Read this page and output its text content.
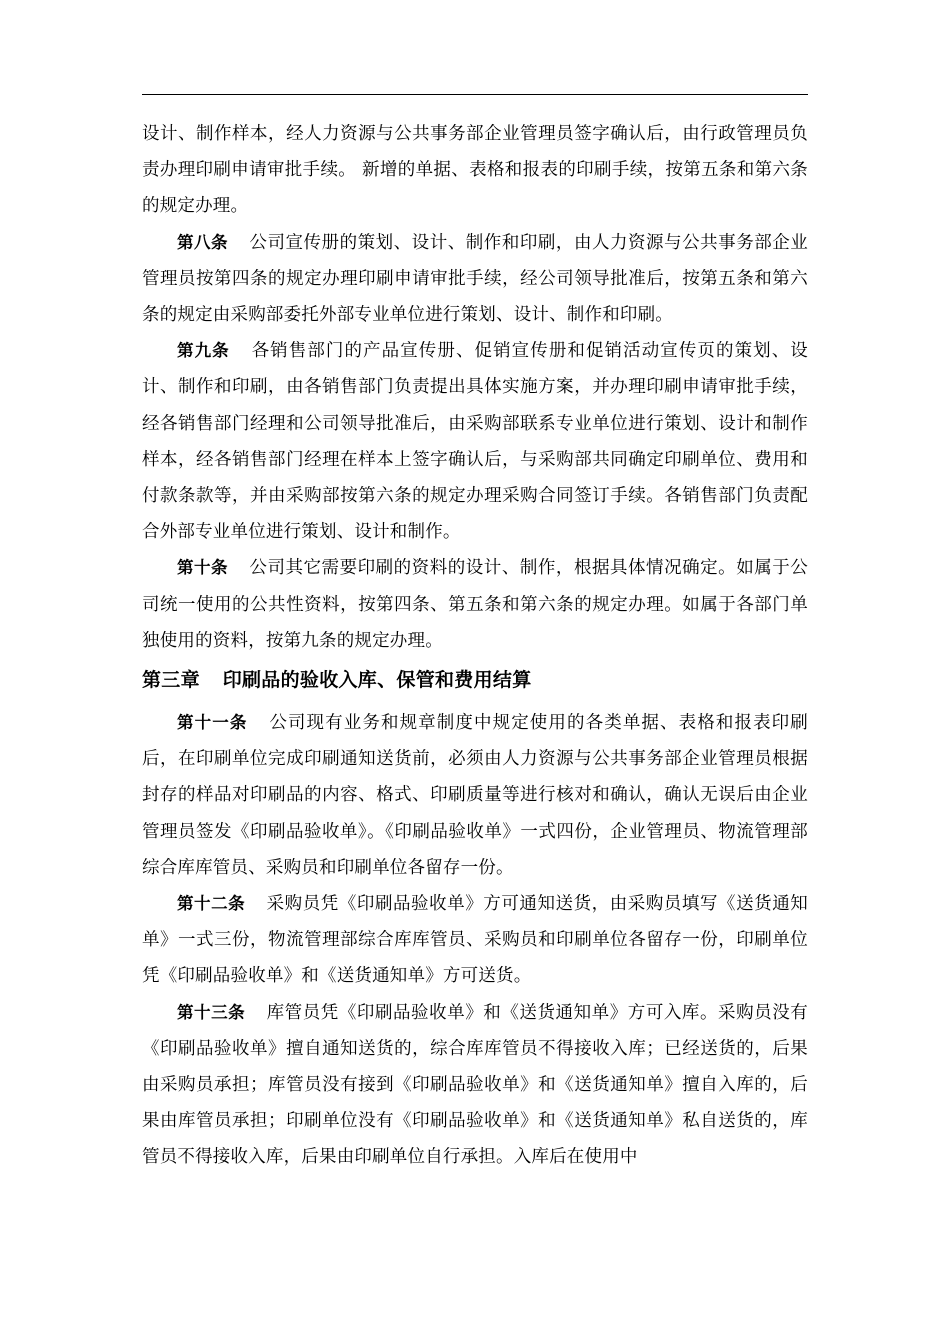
设计、制作样本，经人力资源与公共事务部企业管理员签字确认后，由行政管理员负责办理印刷申请审批手续。 新增的单据、表格和报表的印刷手续，按第五条和第六条的规定办理。

第八条 公司宣传册的策划、设计、制作和印刷，由人力资源与公共事务部企业管理员按第四条的规定办理印刷申请审批手续，经公司领导批准后，按第五条和第六条的规定由采购部委托外部专业单位进行策划、设计、制作和印刷。

第九条 各销售部门的产品宣传册、促销宣传册和促销活动宣传页的策划、设计、制作和印刷，由各销售部门负责提出具体实施方案，并办理印刷申请审批手续，经各销售部门经理和公司领导批准后，由采购部联系专业单位进行策划、设计和制作样本，经各销售部门经理在样本上签字确认后，与采购部共同确定印刷单位、费用和付款条款等，并由采购部按第六条的规定办理采购合同签订手续。各销售部门负责配合外部专业单位进行策划、设计和制作。

第十条 公司其它需要印刷的资料的设计、制作，根据具体情况确定。如属于公司统一使用的公共性资料，按第四条、第五条和第六条的规定办理。如属于各部门单独使用的资料，按第九条的规定办理。

第三章 印刷品的验收入库、保管和费用结算

第十一条 公司现有业务和规章制度中规定使用的各类单据、表格和报表印刷后，在印刷单位完成印刷通知送货前，必须由人力资源与公共事务部企业管理员根据封存的样品对印刷品的内容、格式、印刷质量等进行核对和确认，确认无误后由企业管理员签发《印刷品验收单》。《印刷品验收单》一式四份，企业管理员、物流管理部综合库库管员、采购员和印刷单位各留存一份。

第十二条 采购员凭《印刷品验收单》方可通知送货，由采购员填写《送货通知单》一式三份，物流管理部综合库库管员、采购员和印刷单位各留存一份，印刷单位凭《印刷品验收单》和《送货通知单》方可送货。

第十三条 库管员凭《印刷品验收单》和《送货通知单》方可入库。采购员没有《印刷品验收单》擅自通知送货的，综合库库管员不得接收入库；已经送货的，后果由采购员承担；库管员没有接到《印刷品验收单》和《送货通知单》擅自入库的，后果由库管员承担；印刷单位没有《印刷品验收单》和《送货通知单》私自送货的，库管员不得接收入库，后果由印刷单位自行承担。入库后在使用中
